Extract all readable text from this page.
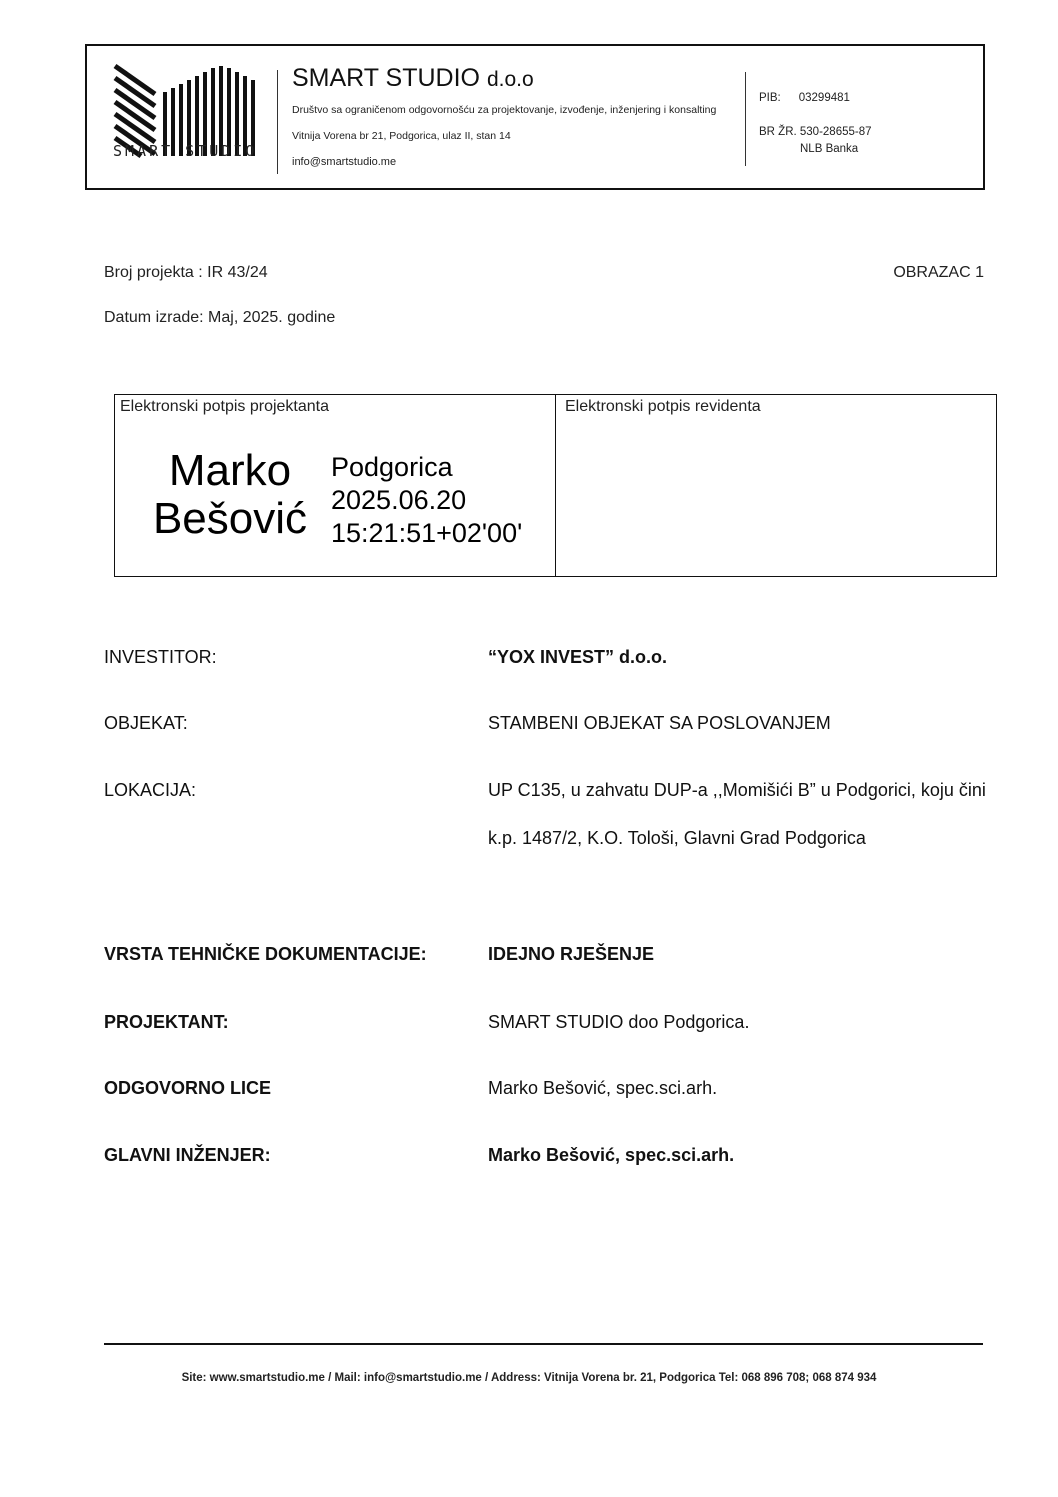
SMART STUDIO
SMART STUDIO d.o.o
Društvo sa ograničenom odgovornošću za projektovanje, izvođenje, inženjering i konsalting
Vitnija Vorena br 21, Podgorica, ulaz II, stan 14
info@smartstudio.me
PIB: 03299481
BR ŽR. 530-28655-87
NLB Banka
Broj projekta : IR 43/24	OBRAZAC 1
Datum izrade: Maj, 2025. godine
Elektronski potpis projektanta	Elektronski potpis revidenta
Marko
Bešović
Podgorica
2025.06.20
15:21:51+02'00'
INVESTITOR:	“YOX INVEST” d.o.o.
OBJEKAT:	STAMBENI OBJEKAT SA POSLOVANJEM
LOKACIJA:	UP C135, u zahvatu DUP-a ,,Momišići B” u Podgorici, koju čini
k.p. 1487/2, K.O. Tološi, Glavni Grad Podgorica
VRSTA TEHNIČKE DOKUMENTACIJE:	IDEJNO RJEŠENJE
PROJEKTANT:	SMART STUDIO doo Podgorica.
ODGOVORNO LICE	Marko Bešović, spec.sci.arh.
GLAVNI INŽENJER:	Marko Bešović, spec.sci.arh.
Site: www.smartstudio.me / Mail: info@smartstudio.me / Address: Vitnija Vorena br. 21, Podgorica Tel: 068 896 708; 068 874 934
